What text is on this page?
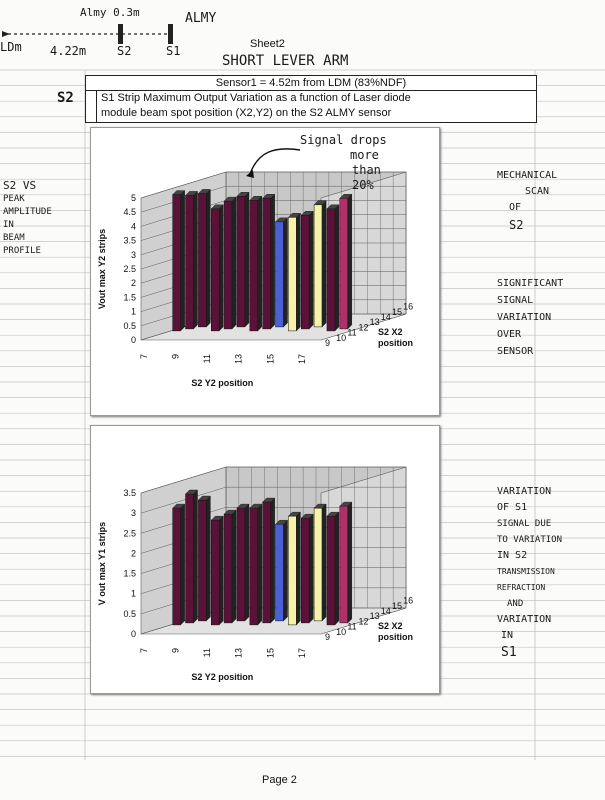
LDm
Almy 0.3m	ALMY
4.22m	S2	S1
SHORT LEVER ARM
Sheet2
Sensor1 = 4.52m from LDM (83%NDF)
S1 Strip Maximum Output Variation as a function of Laser diode
module beam spot position (X2,Y2) on the S2 ALMY sensor
S2
S2 VS
PEAK
AMPLITUDE
IN
BEAM
PROFILE
MECHANICAL
SCAN
OF
S2
SIGNIFICANT
SIGNAL
VARIATION
OVER
SENSOR
VARIATION
OF S1
SIGNAL DUE
TO VARIATION
IN S2
TRANSMISSION
REFRACTION
AND
VARIATION
IN
S1
0
0.5
1
1.5
2
2.5
3
3.5
4
4.5
5
7 9 11 13 15 17
9
10
11
12
13
14
15
16
Vout max Y2 strips
S2 Y2 position
S2 X2
position
0
0.5
1
1.5
2
2.5
3
3.5
7 9 11 13 15 17
9
10
11
12
13
14
15
16
V out max Y1 strips
S2 Y2 position
S2 X2
position
Signal drops
more
than
20%
Page 2
